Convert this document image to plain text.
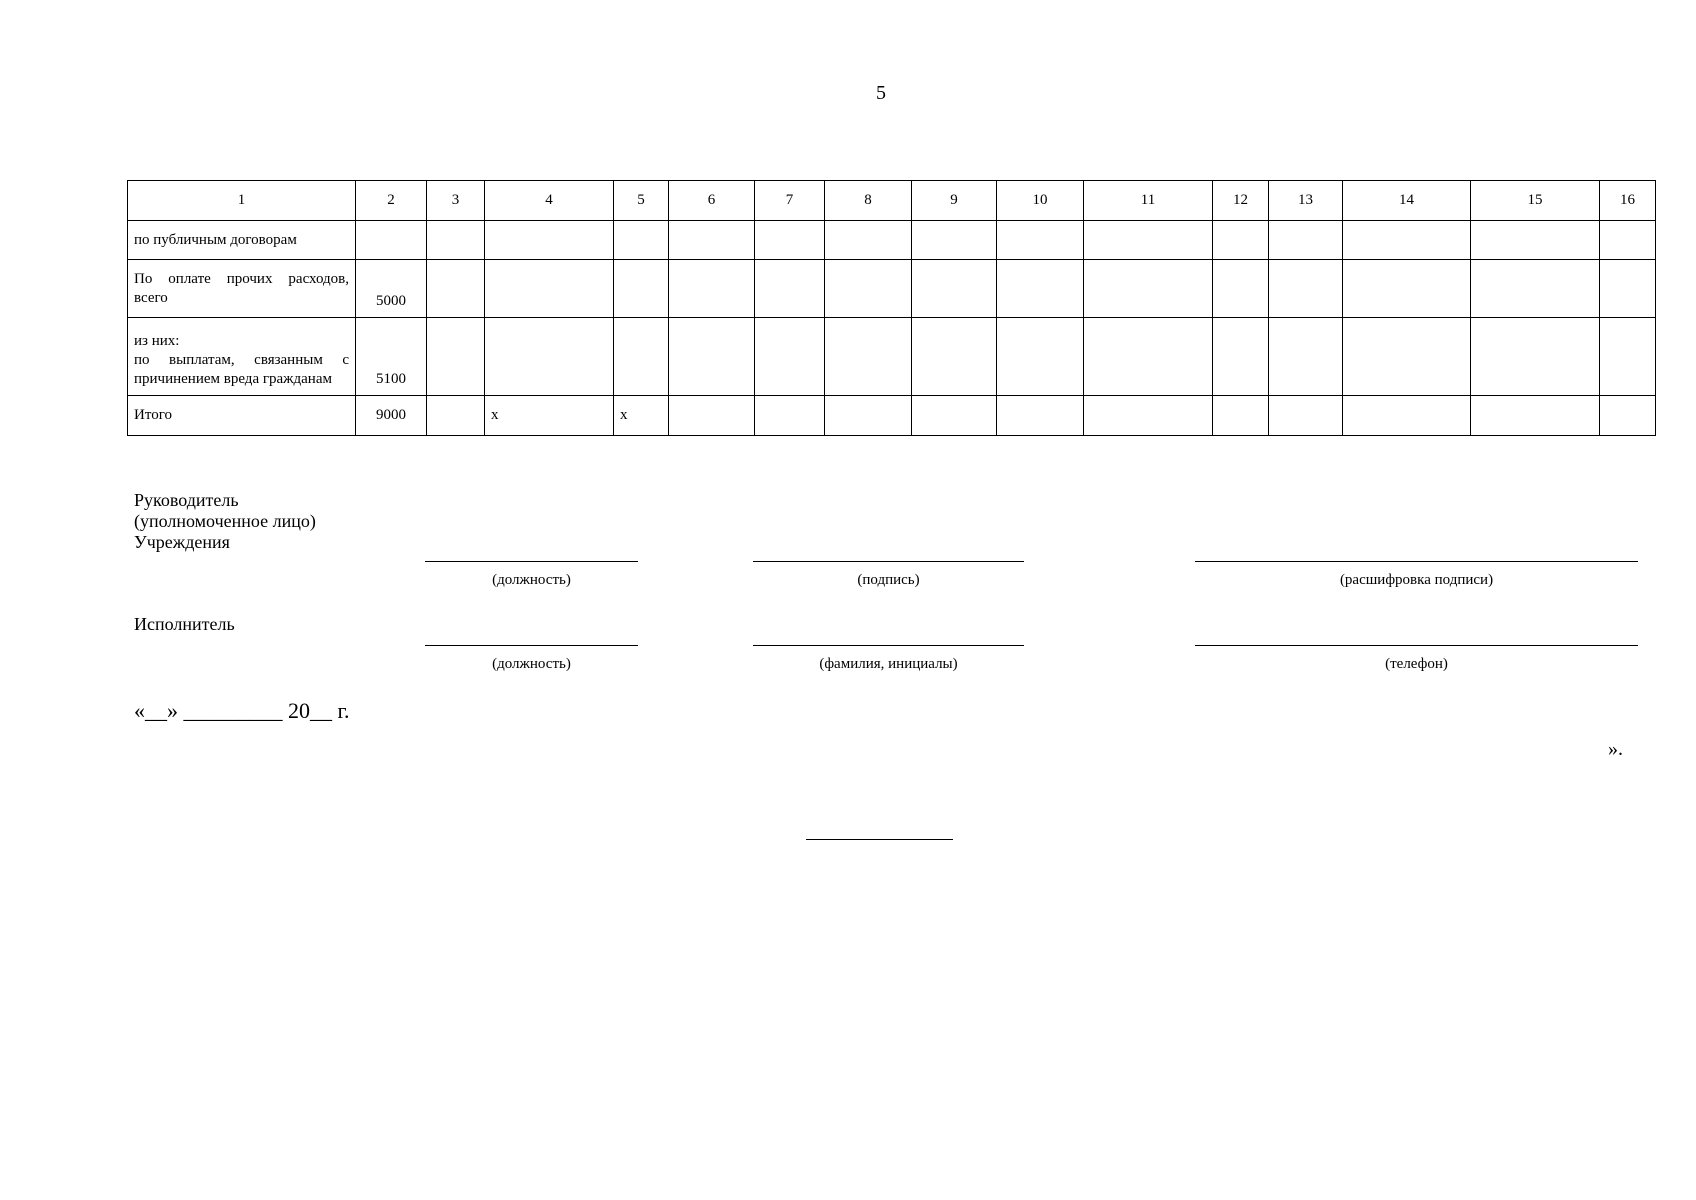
5
1	2	3	4	5	6	7	8	9	10	11	12	13	14	15	16
по публичным договорам															
По оплате прочих расходов, всего	5000														
из них:
по выплатам, связанным с причинением вреда гражданам	5100														
Итого	9000		x	x											
Руководитель
(уполномоченное лицо)
Учреждения
(должность)	(подпись)	(расшифровка подписи)
Исполнитель
(должность)	(фамилия, инициалы)	(телефон)
«__» _________ 20__ г.
».
